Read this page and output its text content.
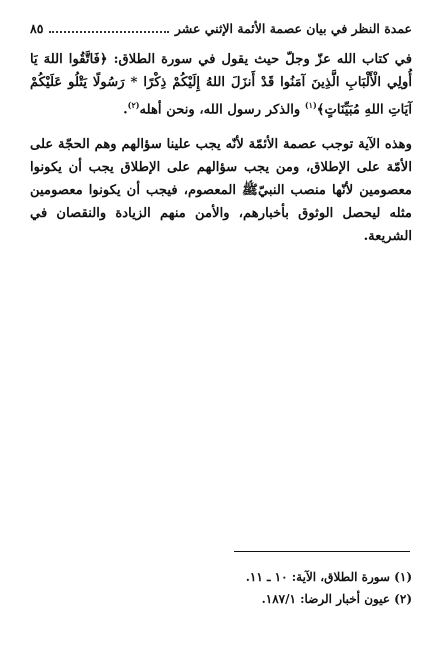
عمدة النظر في بيان عصمة الأئمة الإثني عشر
٨٥

في كتاب الله عزّ وجلّ حيث يقول في سورة الطلاق: ﴿فَاتَّقُوا اللهَ يَا أُولِي الْأَلْبَابِ الَّذِينَ آمَنُوا قَدْ أَنزَلَ اللهُ إِلَيْكُمْ ذِكْرًا * رَسُولًا يَتْلُو عَلَيْكُمْ آيَاتِ اللهِ مُبَيِّنَاتٍ﴾$^{(١)}$ والذكر رسول الله، ونحن أهله$^{(٢)}$.

وهذه الآية توجب عصمة الأئمّة لأنّه يجب علينا سؤالهم وهم الحجّة على الأمّة على الإطلاق، ومن يجب سؤالهم على الإطلاق يجب أن يكونوا معصومين لأنّها منصب النبيّﷺ المعصوم، فيجب أن يكونوا معصومين مثله ليحصل الوثوق بأخبارهم، والأمن منهم الزيادة والنقصان في الشريعة.

(١) سورة الطلاق، الآية: ١٠ ـ ١١.
(٢) عيون أخبار الرضا: ١٨٧/١.
